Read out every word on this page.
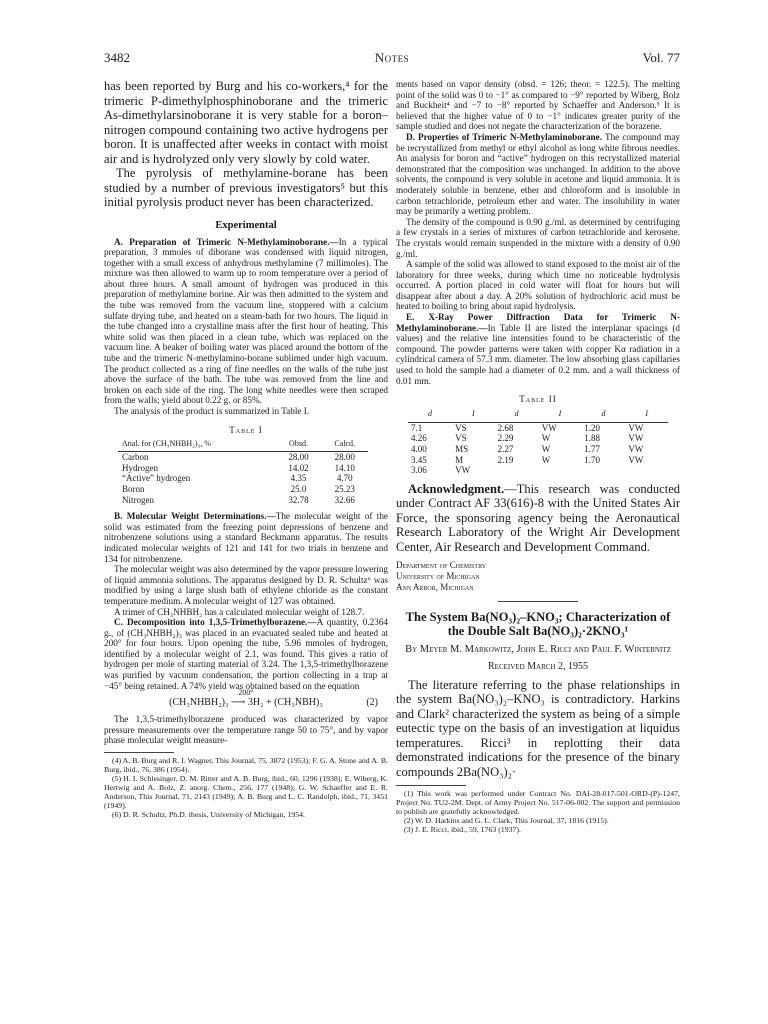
3482	Notes	Vol. 77

has been reported by Burg and his co-workers,⁴ for the trimeric P-dimethylphosphinoborane and the trimeric As-dimethylarsinoborane it is very stable for a boron–nitrogen compound containing two active hydrogens per boron. It is unaffected after weeks in contact with moist air and is hydrolyzed only very slowly by cold water.

The pyrolysis of methylamine-borane has been studied by a number of previous investigators⁵ but this initial pyrolysis product never has been characterized.

Experimental

A. Preparation of Trimeric N-Methylaminoborane.—In a typical preparation, 3 mmoles of diborane was condensed with liquid nitrogen, together with a small excess of anhydrous methylamine (7 millimoles). The mixture was then allowed to warm up to room temperature over a period of about three hours. A small amount of hydrogen was produced in this preparation of methylamine borine. Air was then admitted to the system and the tube was removed from the vacuum line, stoppered with a calcium sulfate drying tube, and heated on a steam-bath for two hours. The liquid in the tube changed into a crystalline mass after the first hour of heating. This white solid was then placed in a clean tube, which was replaced on the vacuum line. A beaker of boiling water was placed around the bottom of the tube and the trimeric N-methylamino-borane sublimed under high vacuum. The product collected as a ring of fine needles on the walls of the tube just above the surface of the bath. The tube was removed from the line and broken on each side of the ring. The long white needles were then scraped from the walls; yield about 0.22 g. or 85%.

The analysis of the product is summarized in Table I.

Table I
Anal. for (CH₃NHBH₂)₃, %	Obsd.	Calcd.
Carbon	28.00	28.00
Hydrogen	14.02	14.10
“Active” hydrogen	4.35	4.70
Boron	25.0	25.23
Nitrogen	32.78	32.66

B. Molecular Weight Determinations.—The molecular weight of the solid was estimated from the freezing point depressions of benzene and nitrobenzene solutions using a standard Beckmann apparatus. The results indicated molecular weights of 121 and 141 for two trials in benzene and 134 for nitrobenzene.

The molecular weight was also determined by the vapor pressure lowering of liquid ammonia solutions. The apparatus designed by D. R. Schultz⁶ was modified by using a large slush bath of ethylene chloride as the constant temperature medium. A molecular weight of 127 was obtained.

A trimer of CH₃NHBH₂ has a calculated molecular weight of 128.7.

C. Decomposition into 1,3,5-Trimethylborazene.—A quantity, 0.2364 g., of (CH₃NHBH₂)₃ was placed in an evacuated sealed tube and heated at 200° for four hours. Upon opening the tube, 5.96 mmoles of hydrogen, identified by a molecular weight of 2.1, was found. This gives a ratio of hydrogen per mole of starting material of 3.24. The 1,3,5-trimethylborazene was purified by vacuum condensation, the portion collecting in a trap at −45° being retained. A 74% yield was obtained based on the equation

200°
(CH₃NHBH₂)₃ ⟶ 3H₂ + (CH₃NBH)₃	(2)

The 1,3,5-trimethylborazene produced was characterized by vapor pressure measurements over the temperature range 50 to 75°, and by vapor phase molecular weight measure-

(4) A. B. Burg and R. I. Wagner, This Journal, 75, 3872 (1953); F. G. A. Stone and A. B. Burg, ibid., 76, 386 (1954).

(5) H. I. Schlesinger, D. M. Ritter and A. B. Burg, ibid., 60, 1296 (1938); E. Wiberg, K. Hertwig and A. Bolz, Z. anorg. Chem., 256, 177 (1948); G. W. Schaeffer and E. R. Anderson, This Journal, 71, 2143 (1949); A. B. Burg and L. C. Randolph, ibid., 71, 3451 (1949).

(6) D. R. Schultz, Ph.D. thesis, University of Michigan, 1954.

ments based on vapor density (obsd. = 126; theor. = 122.5). The melting point of the solid was 0 to −1° as compared to −9° reported by Wiberg, Bolz and Buckheit⁴ and −7 to −8° reported by Schaeffer and Anderson.⁵ It is believed that the higher value of 0 to −1° indicates greater purity of the sample studied and does not negate the characterization of the borazene.

D. Properties of Trimeric N-Methylaminoborane. The compound may be recrystallized from methyl or ethyl alcohol as long white fibrous needles. An analysis for boron and “active” hydrogen on this recrystallized material demonstrated that the composition was unchanged. In addition to the above solvents, the compound is very soluble in acetone and liquid ammonia. It is moderately soluble in benzene, ether and chloroform and is insoluble in carbon tetrachloride, petroleum ether and water. The insolubility in water may be primarily a wetting problem.

The density of the compound is 0.90 g./ml. as determined by centrifuging a few crystals in a series of mixtures of carbon tetrachloride and kerosene. The crystals would remain suspended in the mixture with a density of 0.90 g./ml.

A sample of the solid was allowed to stand exposed to the moist air of the laboratory for three weeks, during which time no noticeable hydrolysis occurred. A portion placed in cold water will float for hours but will disappear after about a day. A 20% solution of hydrochloric acid must be heated to boiling to bring about rapid hydrolysis.

E. X-Ray Power Diffraction Data for Trimeric N-Methylaminoborane.—In Table II are listed the interplanar spacings (d values) and the relative line intensities found to be characteristic of the compound. The powder patterns were taken with copper Kα radiation in a cylindrical camera of 57.3 mm. diameter. The low absorbing glass capillaries used to hold the sample had a diameter of 0.2 mm. and a wall thickness of 0.01 mm.

Table II
d	I	d	I	d	I
7.1	VS	2.68	VW	1.20	VW
4.26	VS	2.29	W	1.88	VW
4.00	MS	2.27	W	1.77	VW
3.45	M	2.19	W	1.70	VW
3.06	VW				

Acknowledgment.—This research was conducted under Contract AF 33(616)-8 with the United States Air Force, the sponsoring agency being the Aeronautical Research Laboratory of the Wright Air Development Center, Air Research and Development Command.

Department of Chemistry
University of Michigan
Ann Arbor, Michigan
The System Ba(NO₃)₂–KNO₃; Characterization of the Double Salt Ba(NO₃)₂·2KNO₃¹
By Meyer M. Markowitz, John E. Ricci and Paul F. Winternitz
Received March 2, 1955

The literature referring to the phase relationships in the system Ba(NO₃)₂–KNO₃ is contradictory. Harkins and Clark² characterized the system as being of a simple eutectic type on the basis of an investigation at liquidus temperatures. Ricci³ in replotting their data demonstrated indications for the presence of the binary compounds 2Ba(NO₃)₂·

(1) This work was performed under Contract No. DAI-28-017-501-ORD-(P)-1247, Project No. TU2-2M. Dept. of Army Project No. 517-06-002. The support and permission to publish are gratefully acknowledged.

(2) W. D. Harkins and G. L. Clark, This Journal, 37, 1816 (1915).

(3) J. E. Ricci, ibid., 59, 1763 (1937).
